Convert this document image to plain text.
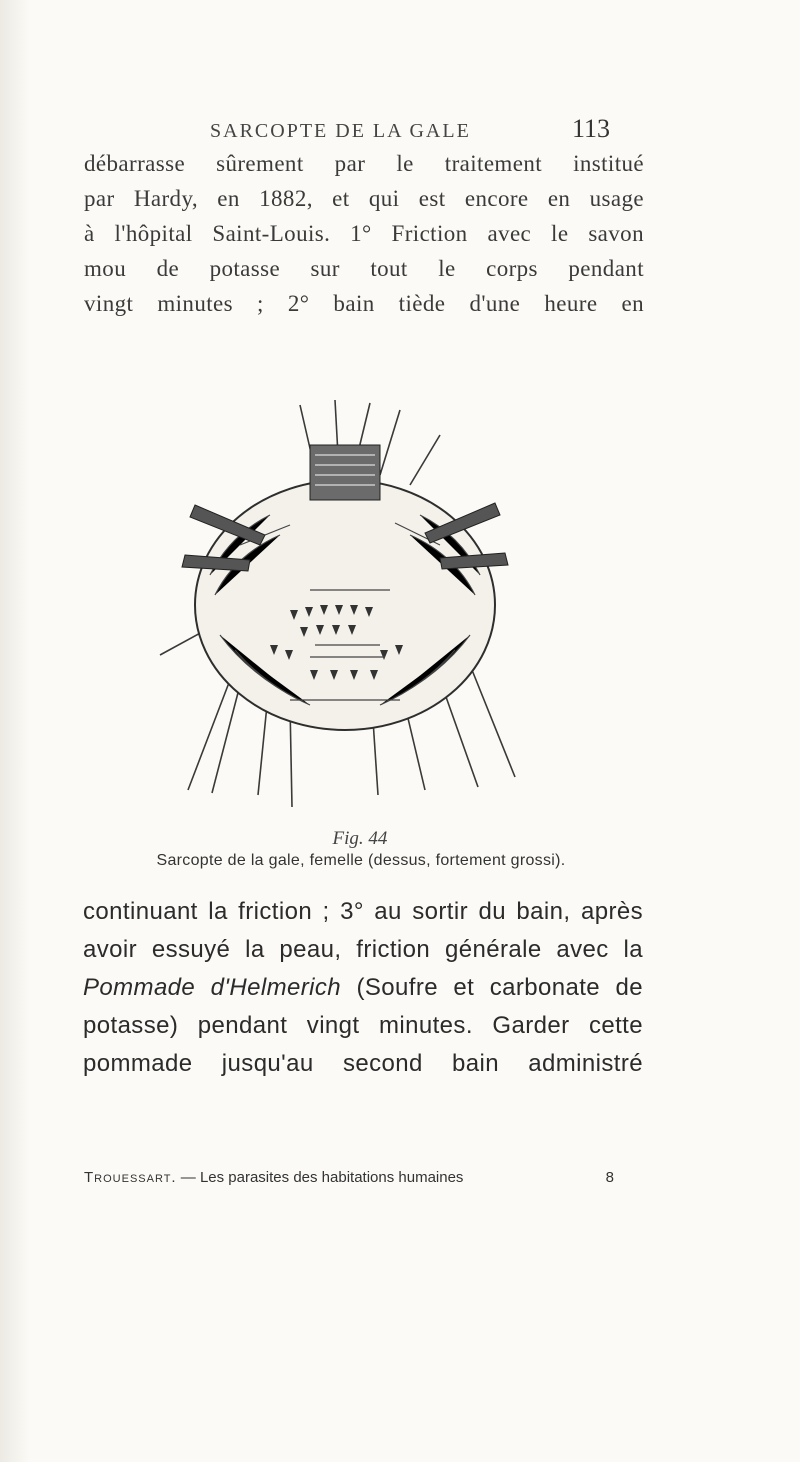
SARCOPTE DE LA GALE	113
débarrasse sûrement par le traitement institué
par Hardy, en 1882, et qui est encore en usage
à l'hôpital Saint-Louis. 1° Friction avec le savon
mou de potasse sur tout le corps pendant
vingt minutes ; 2° bain tiède d'une heure en
Fig. 44
Sarcopte de la gale, femelle (dessus, fortement grossi).
continuant la friction ; 3° au sortir du bain, après
avoir essuyé la peau, friction générale avec la
Pommade d'Helmerich (Soufre et carbonate de
potasse) pendant vingt minutes. Garder cette
pommade jusqu'au second bain administré
Trouessart. — Les parasites des habitations humaines	8
